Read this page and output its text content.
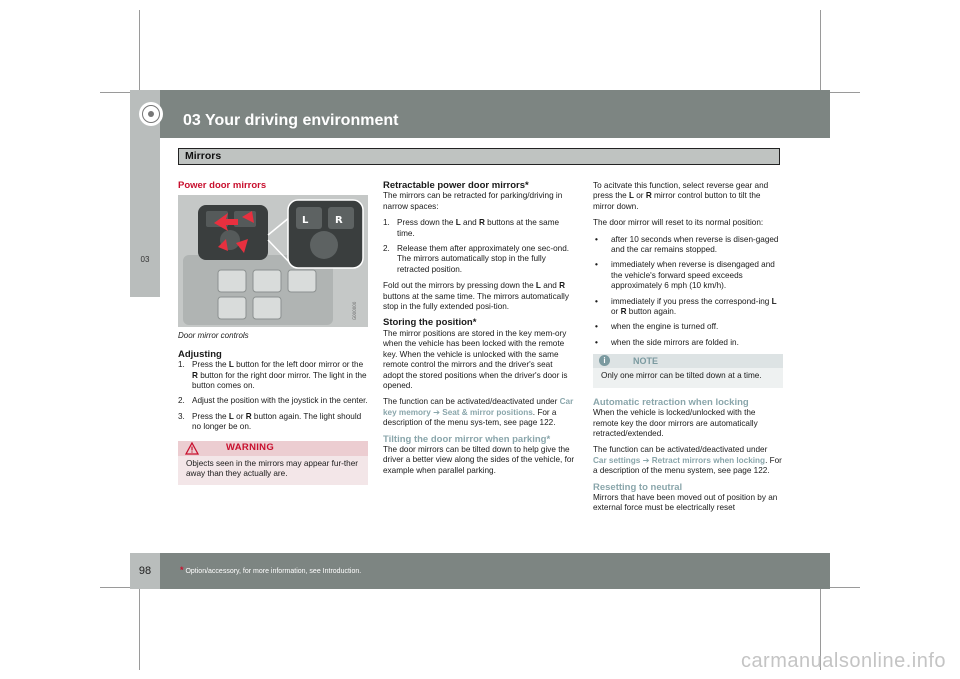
03
03 Your driving environment
Mirrors
Power door mirrors
G000000
L	R
Door mirror controls
Adjusting
1. Press the L button for the left door mirror or the R button for the right door mirror. The light in the button comes on.
2. Adjust the position with the joystick in the center.
3. Press the L or R button again. The light should no longer be on.
WARNING
Objects seen in the mirrors may appear fur-ther away than they actually are.
Retractable power door mirrors*

The mirrors can be retracted for parking/driving in narrow spaces:

1. Press down the L and R buttons at the same time.
2. Release them after approximately one sec-ond. The mirrors automatically stop in the fully retracted position.

Fold out the mirrors by pressing down the L and R buttons at the same time. The mirrors automatically stop in the fully extended posi-tion.

Storing the position*

The mirror positions are stored in the key mem-ory when the vehicle has been locked with the remote key. When the vehicle is unlocked with the same remote control the mirrors and the driver's seat adopt the stored positions when the driver's door is opened.

The function can be activated/deactivated under Car key memory ➔ Seat & mirror positions. For a description of the menu sys-tem, see page 122.

Tilting the door mirror when parking*

The door mirrors can be tilted down to help give the driver a better view along the sides of the vehicle, for example when parallel parking.

To acitvate this function, select reverse gear and press the L or R mirror control button to tilt the mirror down.

The door mirror will reset to its normal position:

• after 10 seconds when reverse is disen-gaged and the car remains stopped.
• immediately when reverse is disengaged and the vehicle's forward speed exceeds approximately 6 mph (10 km/h).
• immediately if you press the correspond-ing L or R button again.
• when the engine is turned off.
• when the side mirrors are folded in.
i	NOTE
Only one mirror can be tilted down at a time.
Automatic retraction when locking

When the vehicle is locked/unlocked with the remote key the door mirrors are automatically retracted/extended.

The function can be activated/deactivated under Car settings ➔ Retract mirrors when locking. For a description of the menu system, see page 122.

Resetting to neutral

Mirrors that have been moved out of position by an external force must be electrically reset

98	* Option/accessory, for more information, see Introduction.
carmanualsonline.info
